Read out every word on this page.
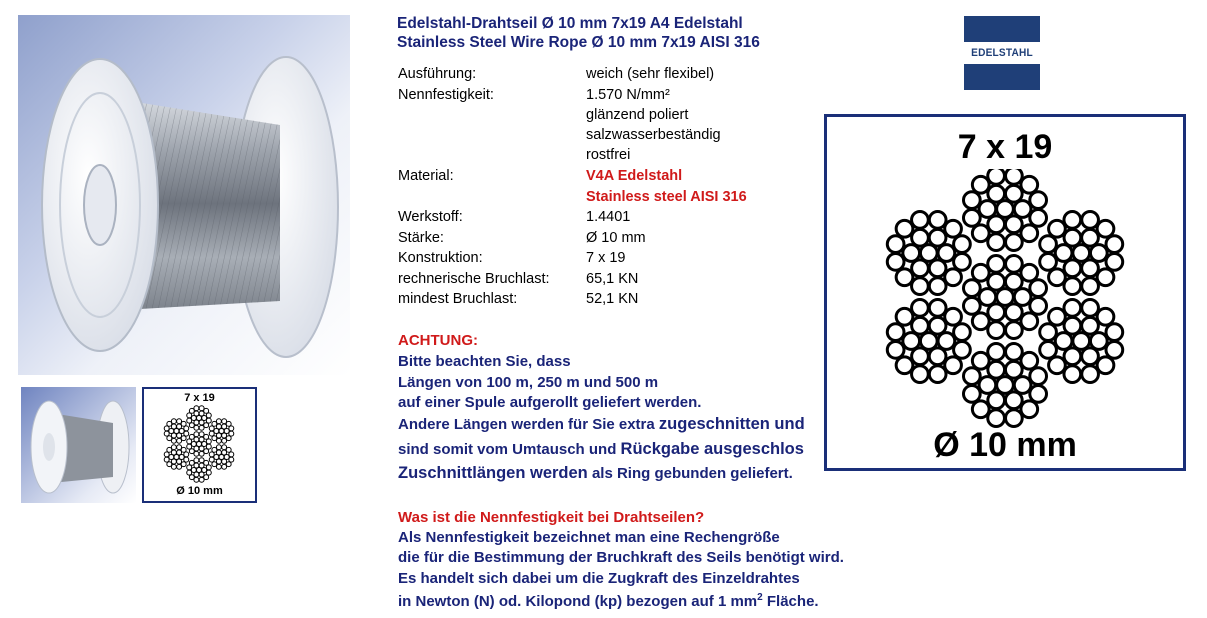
7 x 19
Ø 10 mm
Edelstahl-Drahtseil Ø 10 mm 7x19 A4 Edelstahl
Stainless Steel Wire Rope Ø 10 mm 7x19 AISI 316
Ausführung:	weich (sehr flexibel)
Nennfestigkeit:	1.570 N/mm²
glänzend poliert
salzwasserbeständig
rostfrei
Material:	V4A Edelstahl
Stainless steel AISI 316
Werkstoff:	1.4401
Stärke:	Ø 10 mm
Konstruktion:	7 x 19
rechnerische Bruchlast:	65,1 KN
mindest Bruchlast:	52,1 KN
ACHTUNG:
Bitte beachten Sie, dass
Längen von 100 m, 250 m und 500 m
auf einer Spule aufgerollt geliefert werden.
Andere Längen werden für Sie extra zugeschnitten und
sind somit vom Umtausch und Rückgabe ausgeschlos
Zuschnittlängen werden als Ring gebunden geliefert.
Was ist die Nennfestigkeit bei Drahtseilen?
Als Nennfestigkeit bezeichnet man eine Rechengröße
die für die Bestimmung der Bruchkraft des Seils benötigt wird.
Es handelt sich dabei um die Zugkraft des Einzeldrahtes
in Newton (N) od. Kilopond (kp) bezogen auf 1 $mm^2$ Fläche.
EDELSTAHL
7 x 19
Ø 10 mm
